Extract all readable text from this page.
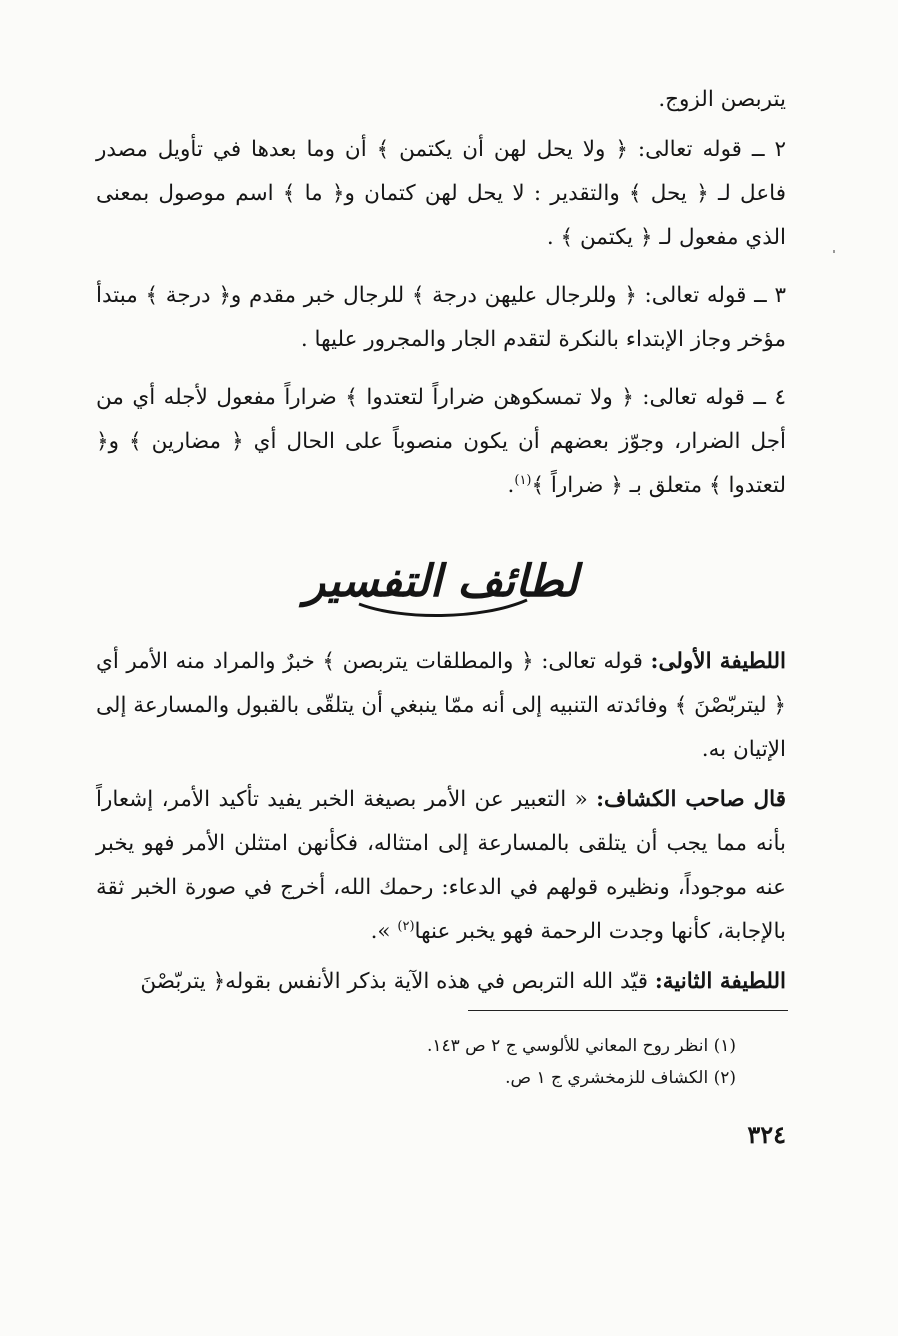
يتربصن الزوج.

٢ ــ قوله تعالى: ﴿ ولا يحل لهن أن يكتمن ﴾ أن وما بعدها في تأويل مصدر فاعل لـ ﴿ يحل ﴾ والتقدير : لا يحل لهن كتمان و﴿ ما ﴾ اسم موصول بمعنى الذي مفعول لـ ﴿ يكتمن ﴾ .

٣ ــ قوله تعالى: ﴿ وللرجال عليهن درجة ﴾ للرجال خبر مقدم و﴿ درجة ﴾ مبتدأ مؤخر وجاز الإبتداء بالنكرة لتقدم الجار والمجرور عليها .

٤ ــ قوله تعالى: ﴿ ولا تمسكوهن ضراراً لتعتدوا ﴾ ضراراً مفعول لأجله أي من أجل الضرار، وجوّز بعضهم أن يكون منصوباً على الحال أي ﴿ مضارين ﴾ و﴿ لتعتدوا ﴾ متعلق بـ ﴿ ضراراً ﴾$^{(١)}$.

لطائف التفسير

اللطيفة الأولى: قوله تعالى: ﴿ والمطلقات يتربصن ﴾ خبرٌ والمراد منه الأمر أي ﴿ ليتربّصْنَ ﴾ وفائدته التنبيه إلى أنه ممّا ينبغي أن يتلقّى بالقبول والمسارعة إلى الإتيان به.

قال صاحب الكشاف: « التعبير عن الأمر بصيغة الخبر يفيد تأكيد الأمر، إشعاراً بأنه مما يجب أن يتلقى بالمسارعة إلى امتثاله، فكأنهن امتثلن الأمر فهو يخبر عنه موجوداً، ونظيره قولهم في الدعاء: رحمك الله، أخرج في صورة الخبر ثقة بالإجابة، كأنها وجدت الرحمة فهو يخبر عنها$^{(٢)}$ ».

اللطيفة الثانية: قيّد الله التربص في هذه الآية بذكر الأنفس بقوله﴿ يتربّصْنَ

(١) انظر روح المعاني للألوسي ج ٢ ص ١٤٣.
(٢) الكشاف للزمخشري ج ١ ص.
٣٢٤
